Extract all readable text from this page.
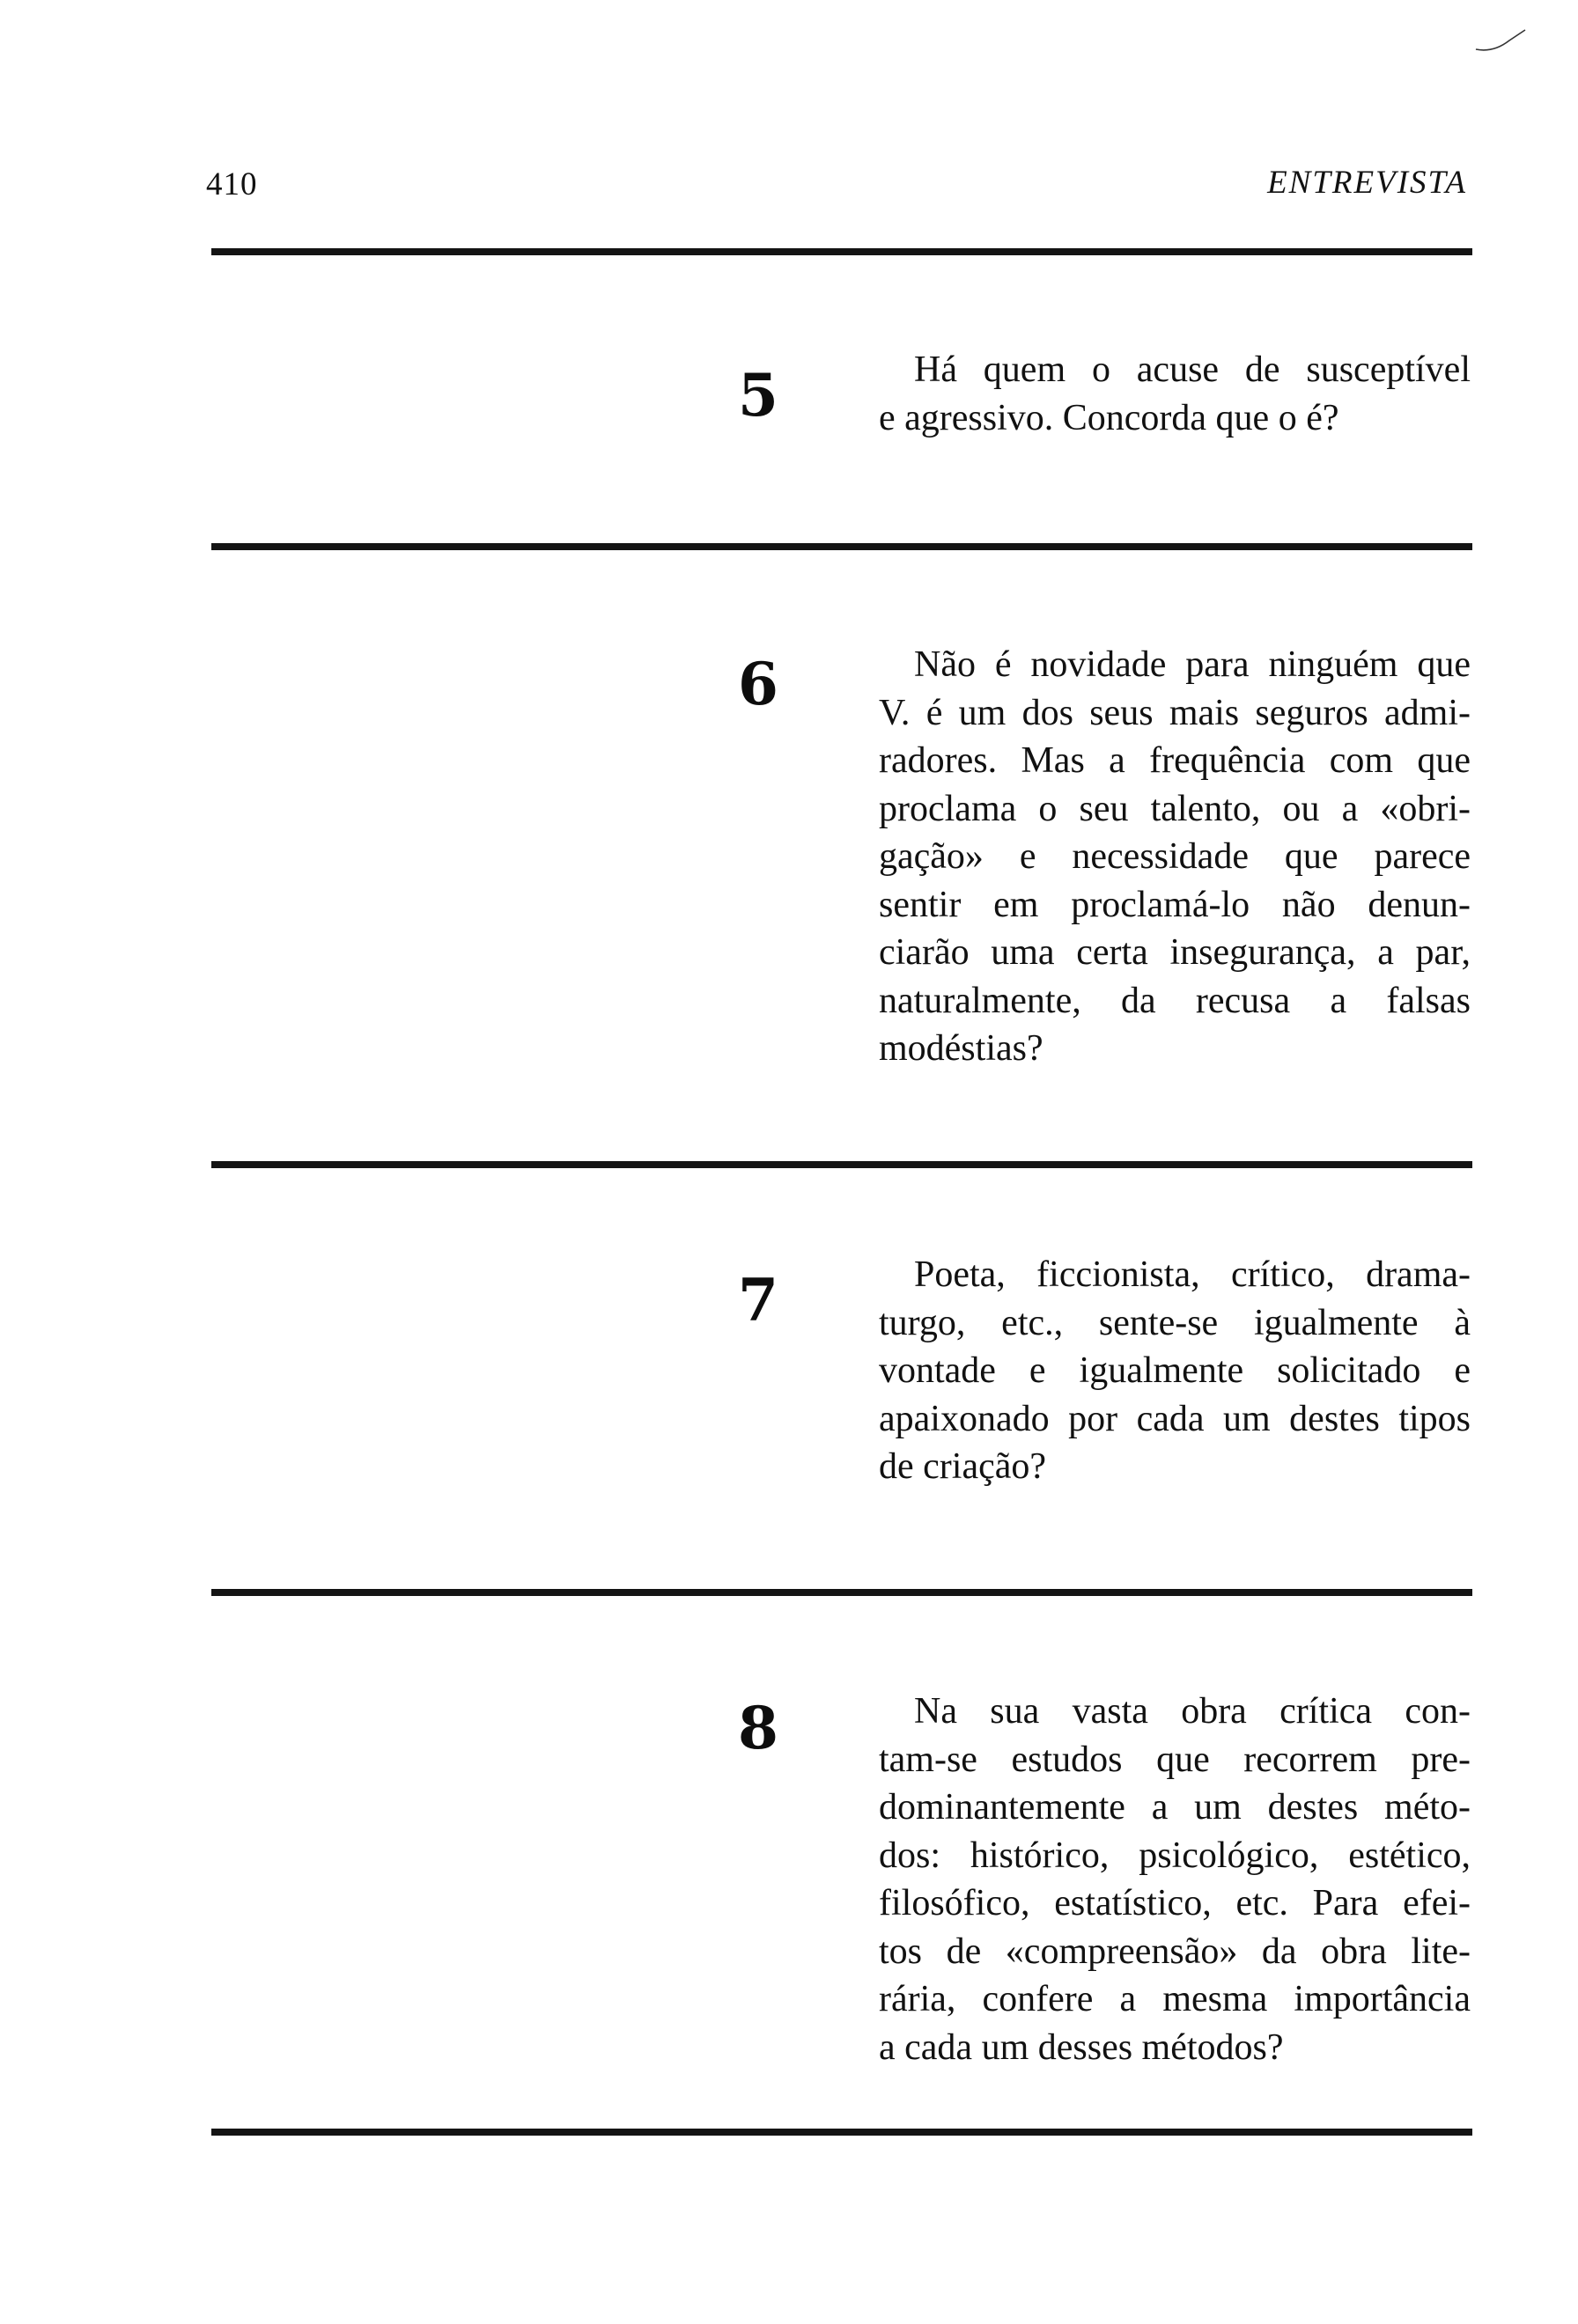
410	ENTREVISTA
5	Há quem o acuse de susceptível
e agressivo. Concorda que o é?
6	Não é novidade para ninguém que
V. é um dos seus mais seguros admi-
radores. Mas a frequência com que
proclama o seu talento, ou a «obri-
gação» e necessidade que parece
sentir em proclamá-lo não denun-
ciarão uma certa insegurança, a par,
naturalmente, da recusa a falsas
modéstias?
7	Poeta, ficcionista, crítico, drama-
turgo, etc., sente-se igualmente à
vontade e igualmente solicitado e
apaixonado por cada um destes tipos
de criação?
8	Na sua vasta obra crítica con-
tam-se estudos que recorrem pre-
dominantemente a um destes méto-
dos: histórico, psicológico, estético,
filosófico, estatístico, etc. Para efei-
tos de «compreensão» da obra lite-
rária, confere a mesma importância
a cada um desses métodos?
